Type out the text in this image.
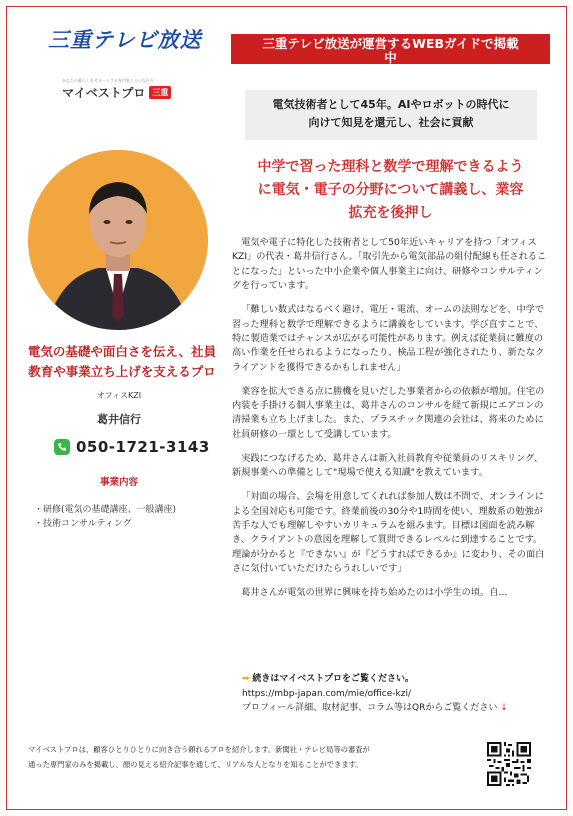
三重テレビ放送
あなたの暮らしをサポートする専門家とのつながり
マイベストプロ 三重
電気の基礎や面白さを伝え、社員
教育や事業立ち上げを支えるプロ
オフィスKZI
葛井信行
050-1721-3143
事業内容
・研修(電気の基礎講座、一般講座)
・技術コンサルティング
三重テレビ放送が運営するWEBガイドで掲載
中
電気技術者として45年。AIやロボットの時代に
向けて知見を還元し、社会に貢献
中学で習った理科と数学で理解できるよう
に電気・電子の分野について講義し、業容
拡充を後押し

電気や電子に特化した技術者として50年近いキャリアを持つ「オフィスKZI」の代表・葛井信行さん。「取引先から電気部品の組付配線も任されることになった」といった中小企業や個人事業主に向け、研修やコンサルティングを行っています。

「難しい数式はなるべく避け、電圧・電流、オームの法則などを、中学で習った理科と数学で理解できるように講義をしています。学び直すことで、特に製造業ではチャンスが広がる可能性があります。例えば従業員に難度の高い作業を任せられるようになったり、検品工程が強化されたり、新たなクライアントを獲得できるかもしれません」

業容を拡大できる点に勝機を見いだした事業者からの依頼が増加。住宅の内装を手掛ける個人事業主は、葛井さんのコンサルを経て新規にエアコンの清掃業も立ち上げました。また、プラスチック関連の会社は、将来のために社員研修の一環として受講しています。

実践につなげるため、葛井さんは新入社員教育や従業員のリスキリング、新規事業への準備として"現場で使える知識"を教えています。

「対面の場合、会場を用意してくれれば参加人数は不問で、オンラインによる全国対応も可能です。終業前後の30分や1時間を使い、理数系の勉強が苦手な人でも理解しやすいカリキュラムを組みます。目標は図面を読み解き、クライアントの意図を理解して質問できるレベルに到達することです。理論が分かると『できない』が『どうすればできるか』に変わり、その面白さに気付いていただけたらうれしいです」

葛井さんが電気の世界に興味を持ち始めたのは小学生の頃。自…

➡ 続きはマイベストプロをご覧ください。
https://mbp-japan.com/mie/office-kzi/
プロフィール詳細、取材記事、コラム等はQRからご覧ください ↓
マイベストプロは、顧客ひとりひとりに向き合う頼れるプロを紹介します。新聞社・テレビ局等の審査が
通った専門家のみを掲載し、顔の見える紹介記事を通して、リアルな人となりを知ることができます。
